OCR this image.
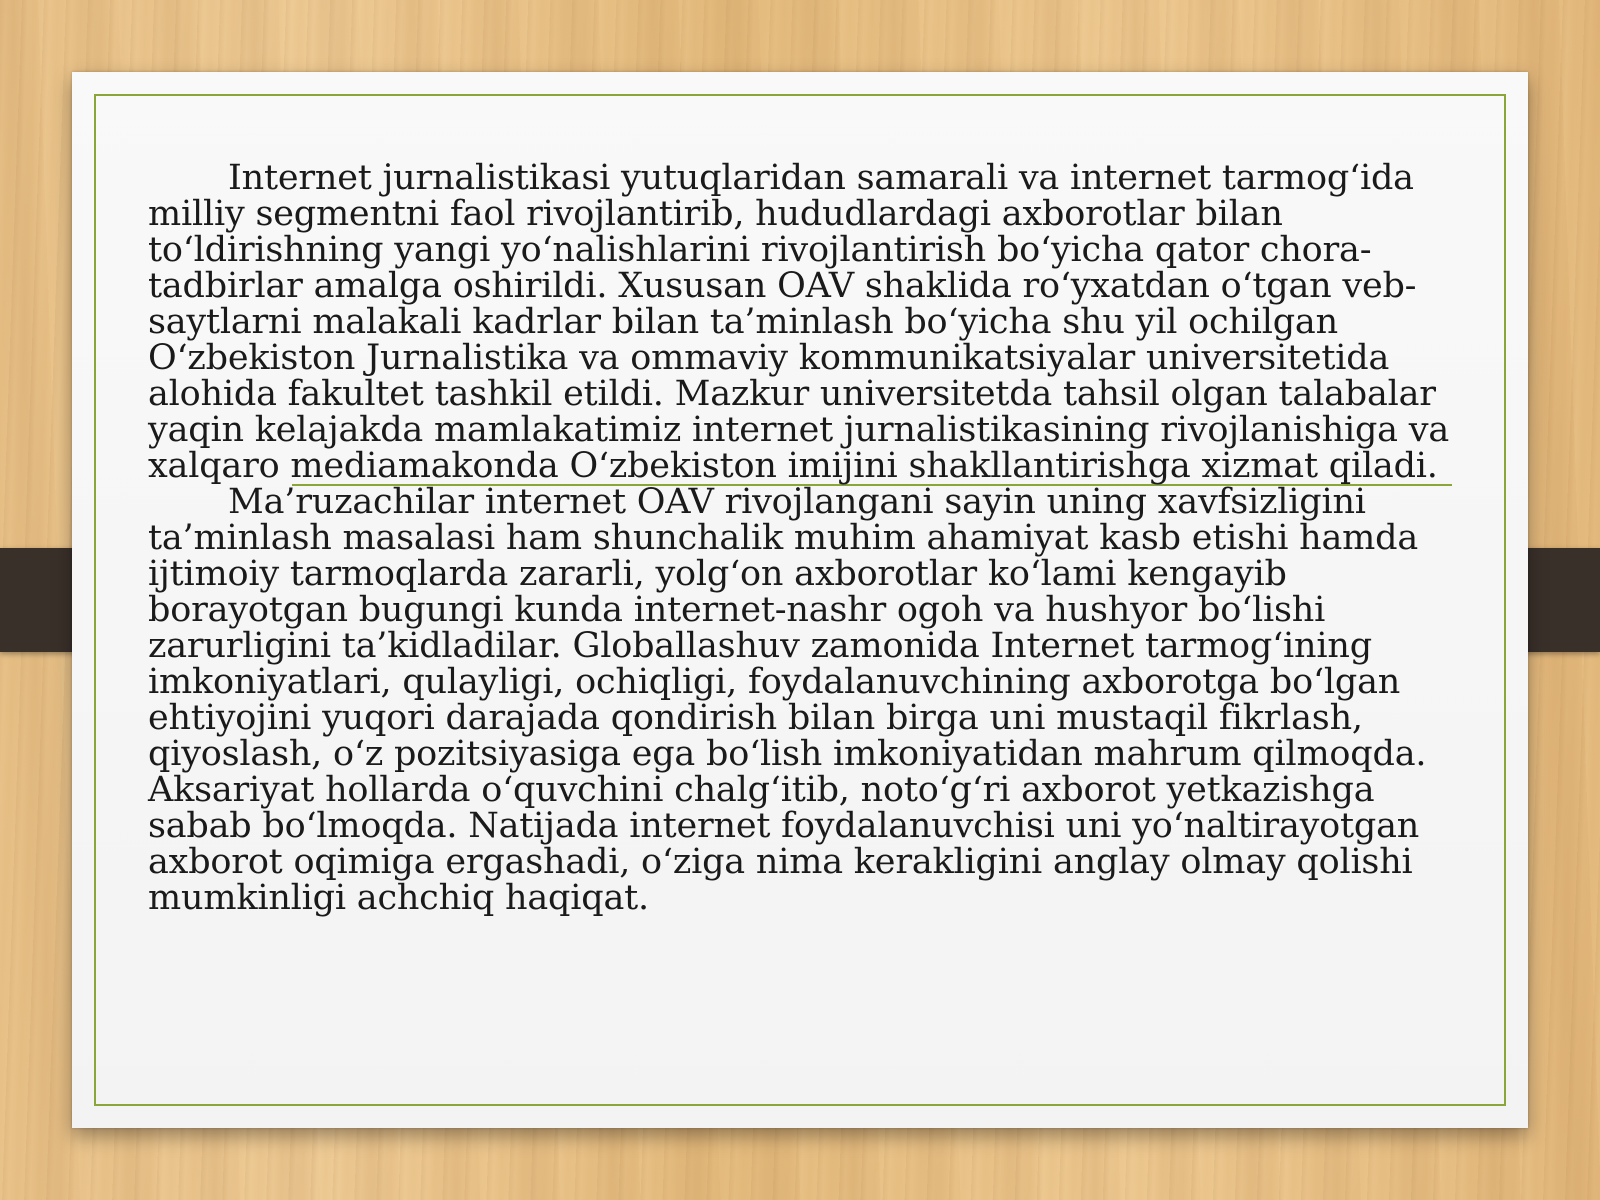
Internet jurnalistikasi yutuqlaridan samarali va internet tarmog‘ida milliy segmentni faol rivojlantirib, hududlardagi axborotlar bilan to‘ldirishning yangi yo‘nalishlarini rivojlantirish bo‘yicha qator chora-tadbirlar amalga oshirildi. Xususan OAV shaklida ro‘yxatdan o‘tgan veb-saytlarni malakali kadrlar bilan ta’minlash bo‘yicha shu yil ochilgan O‘zbekiston Jurnalistika va ommaviy kommunikatsiyalar universitetida alohida fakultet tashkil etildi. Mazkur universitetda tahsil olgan talabalar yaqin kelajakda mamlakatimiz internet jurnalistikasining rivojlanishiga va xalqaro mediamakonda O‘zbekiston imijini shakllantirishga xizmat qiladi.

Ma’ruzachilar internet OAV rivojlangani sayin uning xavfsizligini ta’minlash masalasi ham shunchalik muhim ahamiyat kasb etishi hamda ijtimoiy tarmoqlarda zararli, yolg‘on axborotlar ko‘lami kengayib borayotgan bugungi kunda internet-nashr ogoh va hushyor bo‘lishi zarurligini ta’kidladilar. Globallashuv zamonida Internet tarmog‘ining imkoniyatlari, qulayligi, ochiqligi, foydalanuvchining axborotga bo‘lgan ehtiyojini yuqori darajada qondirish bilan birga uni mustaqil fikrlash, qiyoslash, o‘z pozitsiyasiga ega bo‘lish imkoniyatidan mahrum qilmoqda. Aksariyat hollarda o‘quvchini chalg‘itib, noto‘g‘ri axborot yetkazishga sabab bo‘lmoqda. Natijada internet foydalanuvchisi uni yo‘naltirayotgan axborot oqimiga ergashadi, o‘ziga nima kerakligini anglay olmay qolishi mumkinligi achchiq haqiqat.
